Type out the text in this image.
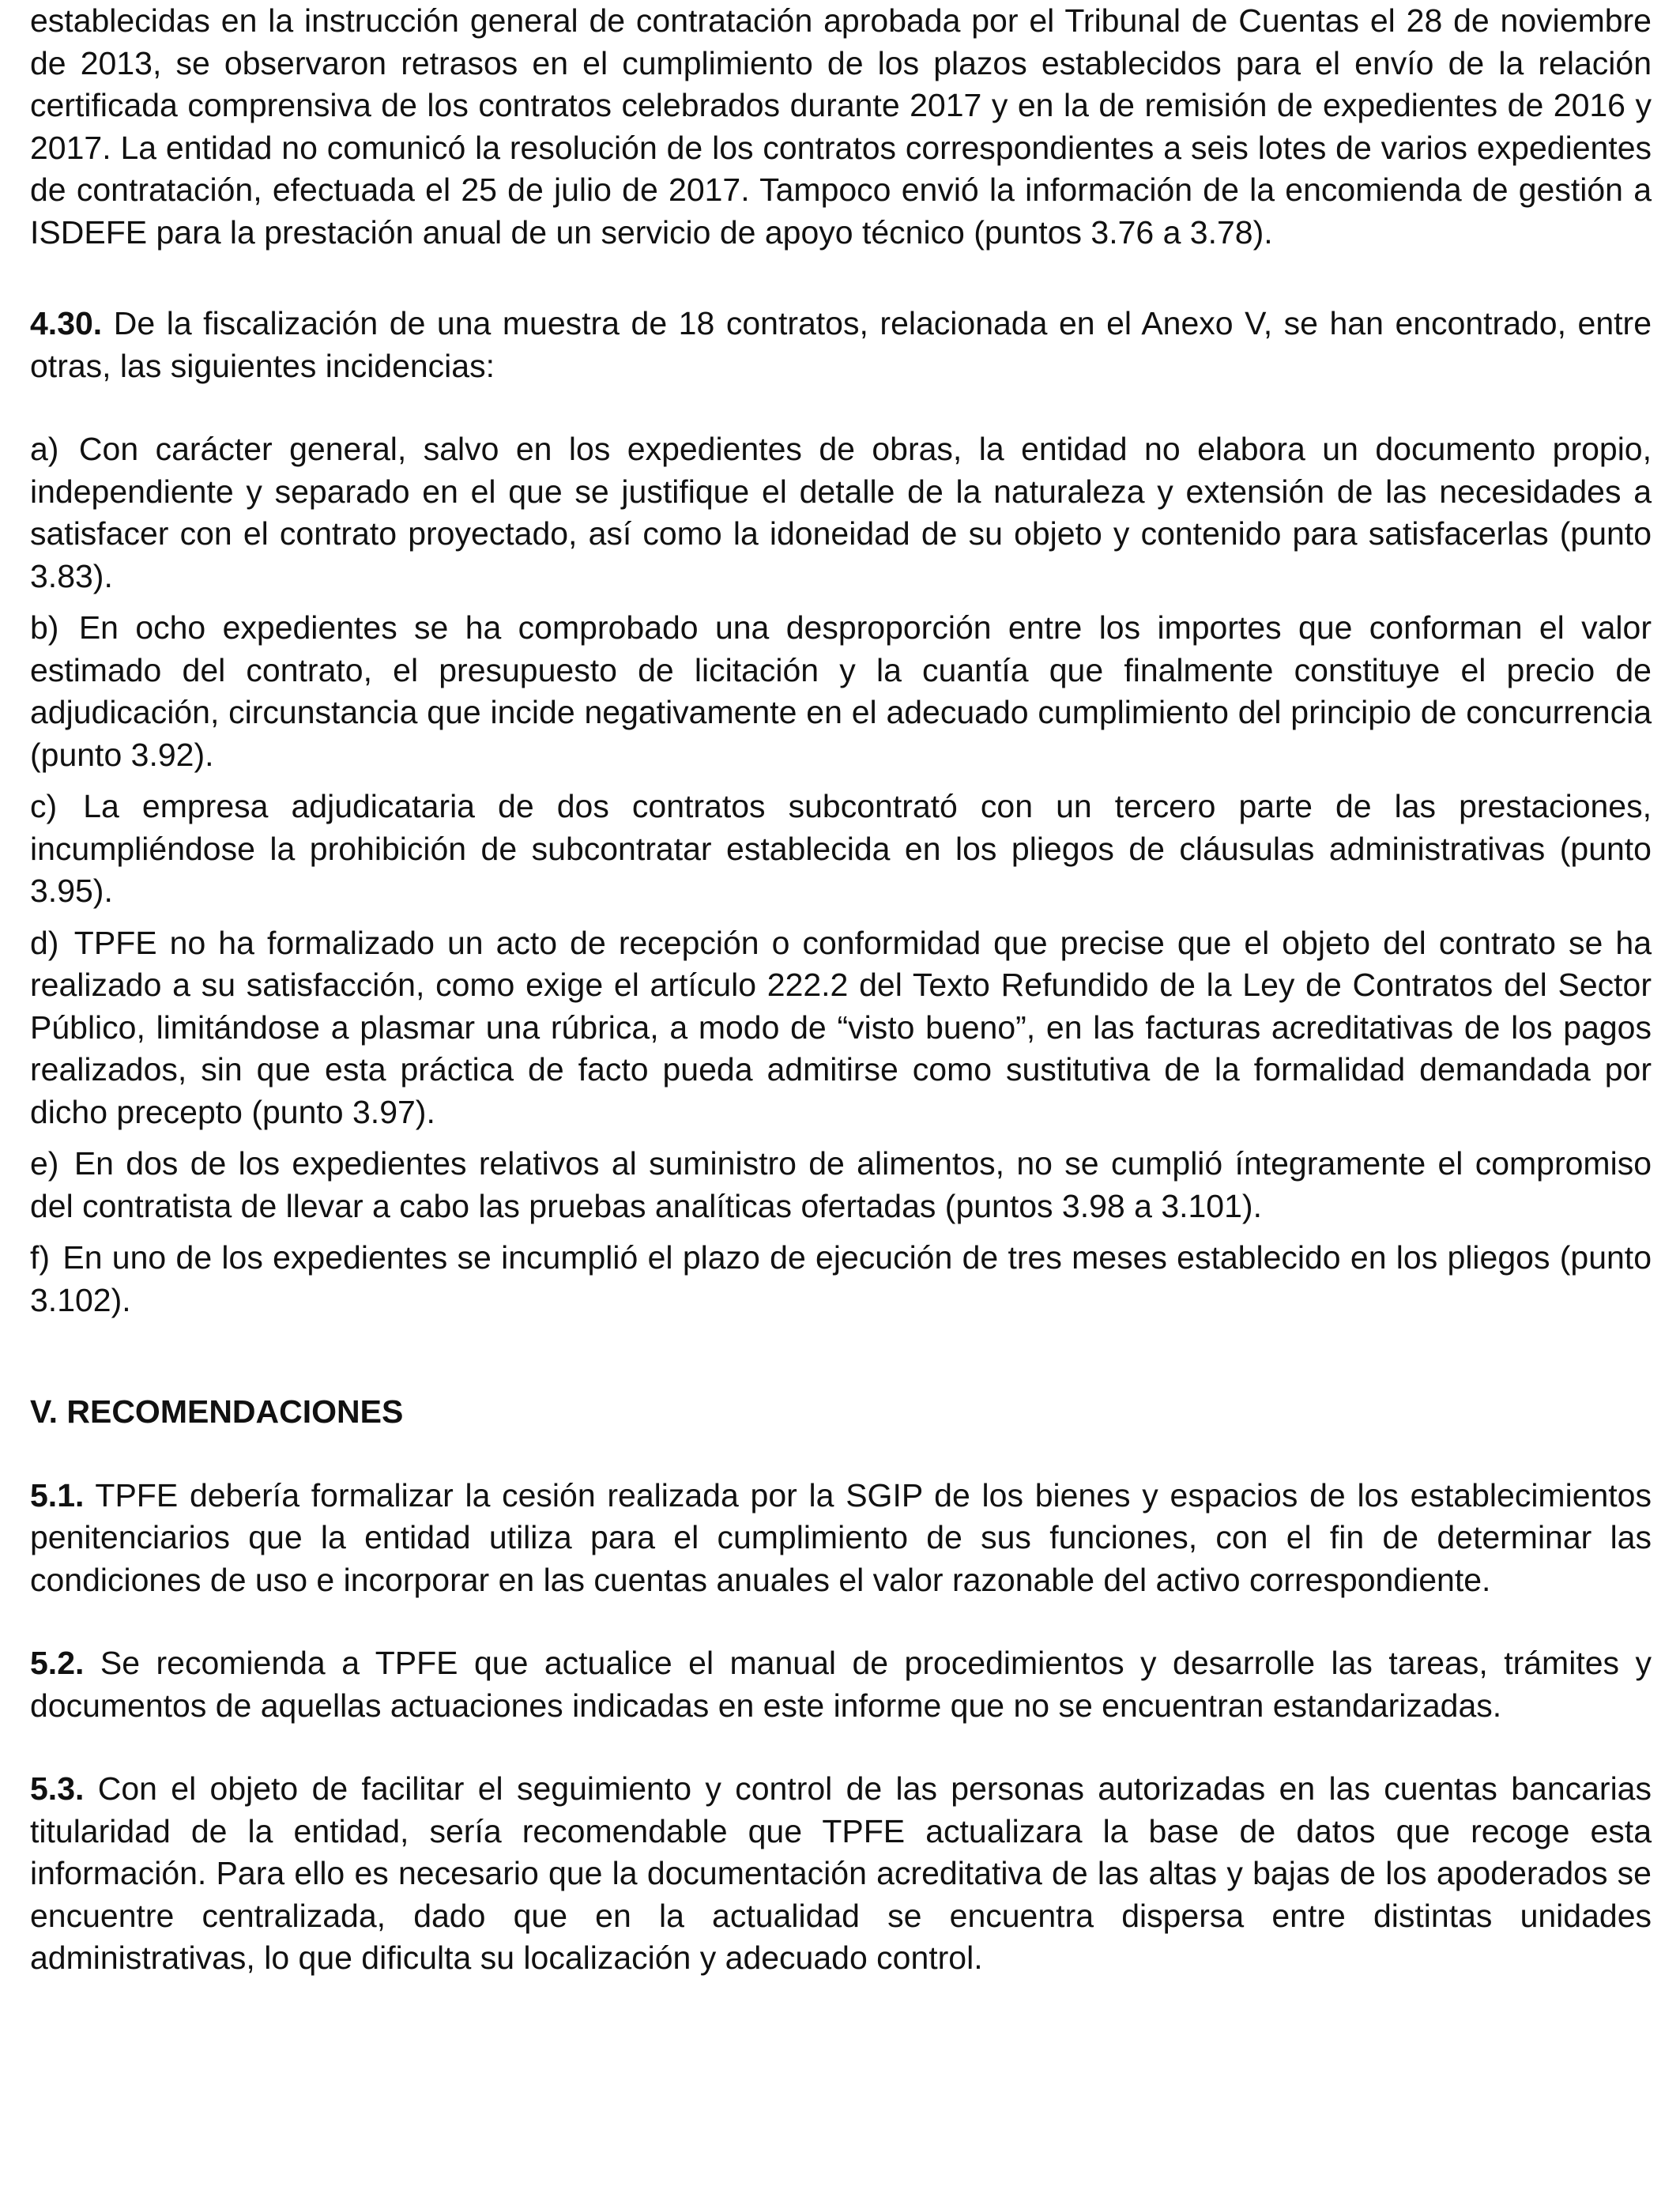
establecidas en la instrucción general de contratación aprobada por el Tribunal de Cuentas el 28 de noviembre de 2013, se observaron retrasos en el cumplimiento de los plazos establecidos para el envío de la relación certificada comprensiva de los contratos celebrados durante 2017 y en la de remisión de expedientes de 2016 y 2017. La entidad no comunicó la resolución de los contratos correspondientes a seis lotes de varios expedientes de contratación, efectuada el 25 de julio de 2017. Tampoco envió la información de la encomienda de gestión a ISDEFE para la prestación anual de un servicio de apoyo técnico (puntos 3.76 a 3.78).

4.30. De la fiscalización de una muestra de 18 contratos, relacionada en el Anexo V, se han encontrado, entre otras, las siguientes incidencias:

a) Con carácter general, salvo en los expedientes de obras, la entidad no elabora un documento propio, independiente y separado en el que se justifique el detalle de la naturaleza y extensión de las necesidades a satisfacer con el contrato proyectado, así como la idoneidad de su objeto y contenido para satisfacerlas (punto 3.83).

b) En ocho expedientes se ha comprobado una desproporción entre los importes que conforman el valor estimado del contrato, el presupuesto de licitación y la cuantía que finalmente constituye el precio de adjudicación, circunstancia que incide negativamente en el adecuado cumplimiento del principio de concurrencia (punto 3.92).

c) La empresa adjudicataria de dos contratos subcontrató con un tercero parte de las prestaciones, incumpliéndose la prohibición de subcontratar establecida en los pliegos de cláusulas administrativas (punto 3.95).

d) TPFE no ha formalizado un acto de recepción o conformidad que precise que el objeto del contrato se ha realizado a su satisfacción, como exige el artículo 222.2 del Texto Refundido de la Ley de Contratos del Sector Público, limitándose a plasmar una rúbrica, a modo de “visto bueno”, en las facturas acreditativas de los pagos realizados, sin que esta práctica de facto pueda admitirse como sustitutiva de la formalidad demandada por dicho precepto (punto 3.97).

e) En dos de los expedientes relativos al suministro de alimentos, no se cumplió íntegramente el compromiso del contratista de llevar a cabo las pruebas analíticas ofertadas (puntos 3.98 a 3.101).

f) En uno de los expedientes se incumplió el plazo de ejecución de tres meses establecido en los pliegos (punto 3.102).

V. RECOMENDACIONES

5.1. TPFE debería formalizar la cesión realizada por la SGIP de los bienes y espacios de los establecimientos penitenciarios que la entidad utiliza para el cumplimiento de sus funciones, con el fin de determinar las condiciones de uso e incorporar en las cuentas anuales el valor razonable del activo correspondiente.

5.2. Se recomienda a TPFE que actualice el manual de procedimientos y desarrolle las tareas, trámites y documentos de aquellas actuaciones indicadas en este informe que no se encuentran estandarizadas.

5.3. Con el objeto de facilitar el seguimiento y control de las personas autorizadas en las cuentas bancarias titularidad de la entidad, sería recomendable que TPFE actualizara la base de datos que recoge esta información. Para ello es necesario que la documentación acreditativa de las altas y bajas de los apoderados se encuentre centralizada, dado que en la actualidad se encuentra dispersa entre distintas unidades administrativas, lo que dificulta su localización y adecuado control.
